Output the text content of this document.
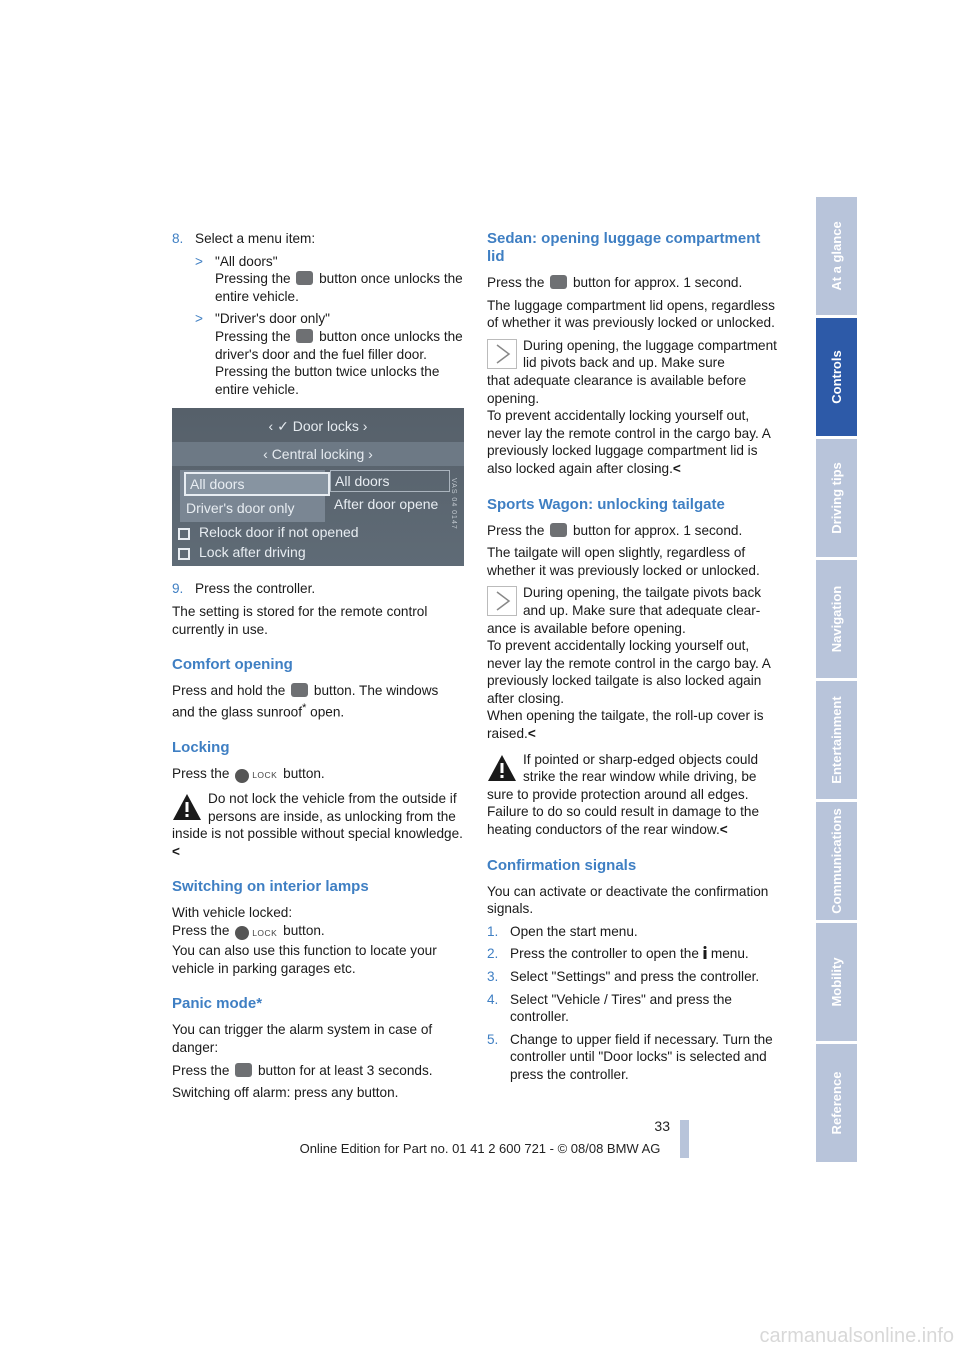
8. Select a menu item:
> "All doors"
Pressing the button once unlocks the entire vehicle.
> "Driver's door only"
Pressing the button once unlocks the driver's door and the fuel filler door.
Pressing the button twice unlocks the entire vehicle.
‹ ✓ Door locks ›
‹ Central locking ›
All doors
Driver's door only
All doors
After door opene
Relock door if not opened
Lock after driving
VAS 04 0147
9. Press the controller.

The setting is stored for the remote control currently in use.

Comfort opening

Press and hold the button. The windows and the glass sunroof* open.

Locking

Press the	LOCK button.

Do not lock the vehicle from the outside if persons are inside, as unlocking from the
inside is not possible without special knowledge.<
Switching on interior lamps
With vehicle locked:
Press the	LOCK button.

You can also use this function to locate your vehicle in parking garages etc.

Panic mode*

You can trigger the alarm system in case of danger:

Press the button for at least 3 seconds.

Switching off alarm: press any button.

Sedan: opening luggage compartment lid

Press the button for approx. 1 second.

The luggage compartment lid opens, regardless of whether it was previously locked or unlocked.

During opening, the luggage compartment lid pivots back and up. Make sure
that adequate clearance is available before opening.
To prevent accidentally locking yourself out, never lay the remote control in the cargo bay. A previously locked luggage compartment lid is also locked again after closing.<
Sports Wagon: unlocking tailgate

Press the button for approx. 1 second.

The tailgate will open slightly, regardless of whether it was previously locked or unlocked.

During opening, the tailgate pivots back and up. Make sure that adequate clear-
ance is available before opening.
To prevent accidentally locking yourself out, never lay the remote control in the cargo bay. A previously locked tailgate is also locked again after closing.
When opening the tailgate, the roll-up cover is raised.<
If pointed or sharp-edged objects could strike the rear window while driving, be
sure to provide protection around all edges. Failure to do so could result in damage to the heating conductors of the rear window.<
Confirmation signals

You can activate or deactivate the confirmation signals.

1. Open the start menu.
2. Press the controller to open the menu.
3. Select "Settings" and press the controller.
4. Select "Vehicle / Tires" and press the controller.
5. Change to upper field if necessary. Turn the controller until "Door locks" is selected and press the controller.
At a glance
Controls
Driving tips
Navigation
Entertainment
Communications
Mobility
Reference
33
Online Edition for Part no. 01 41 2 600 721 - © 08/08 BMW AG
carmanualsonline.info
